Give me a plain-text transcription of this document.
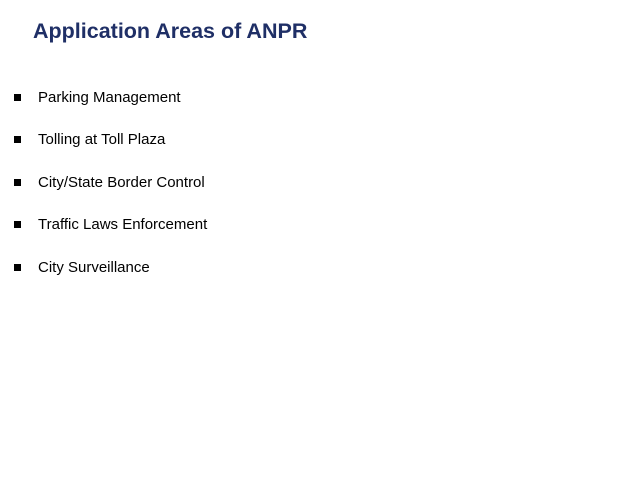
Application Areas of ANPR
Parking Management
Tolling at Toll Plaza
City/State Border Control
Traffic Laws Enforcement
City Surveillance
